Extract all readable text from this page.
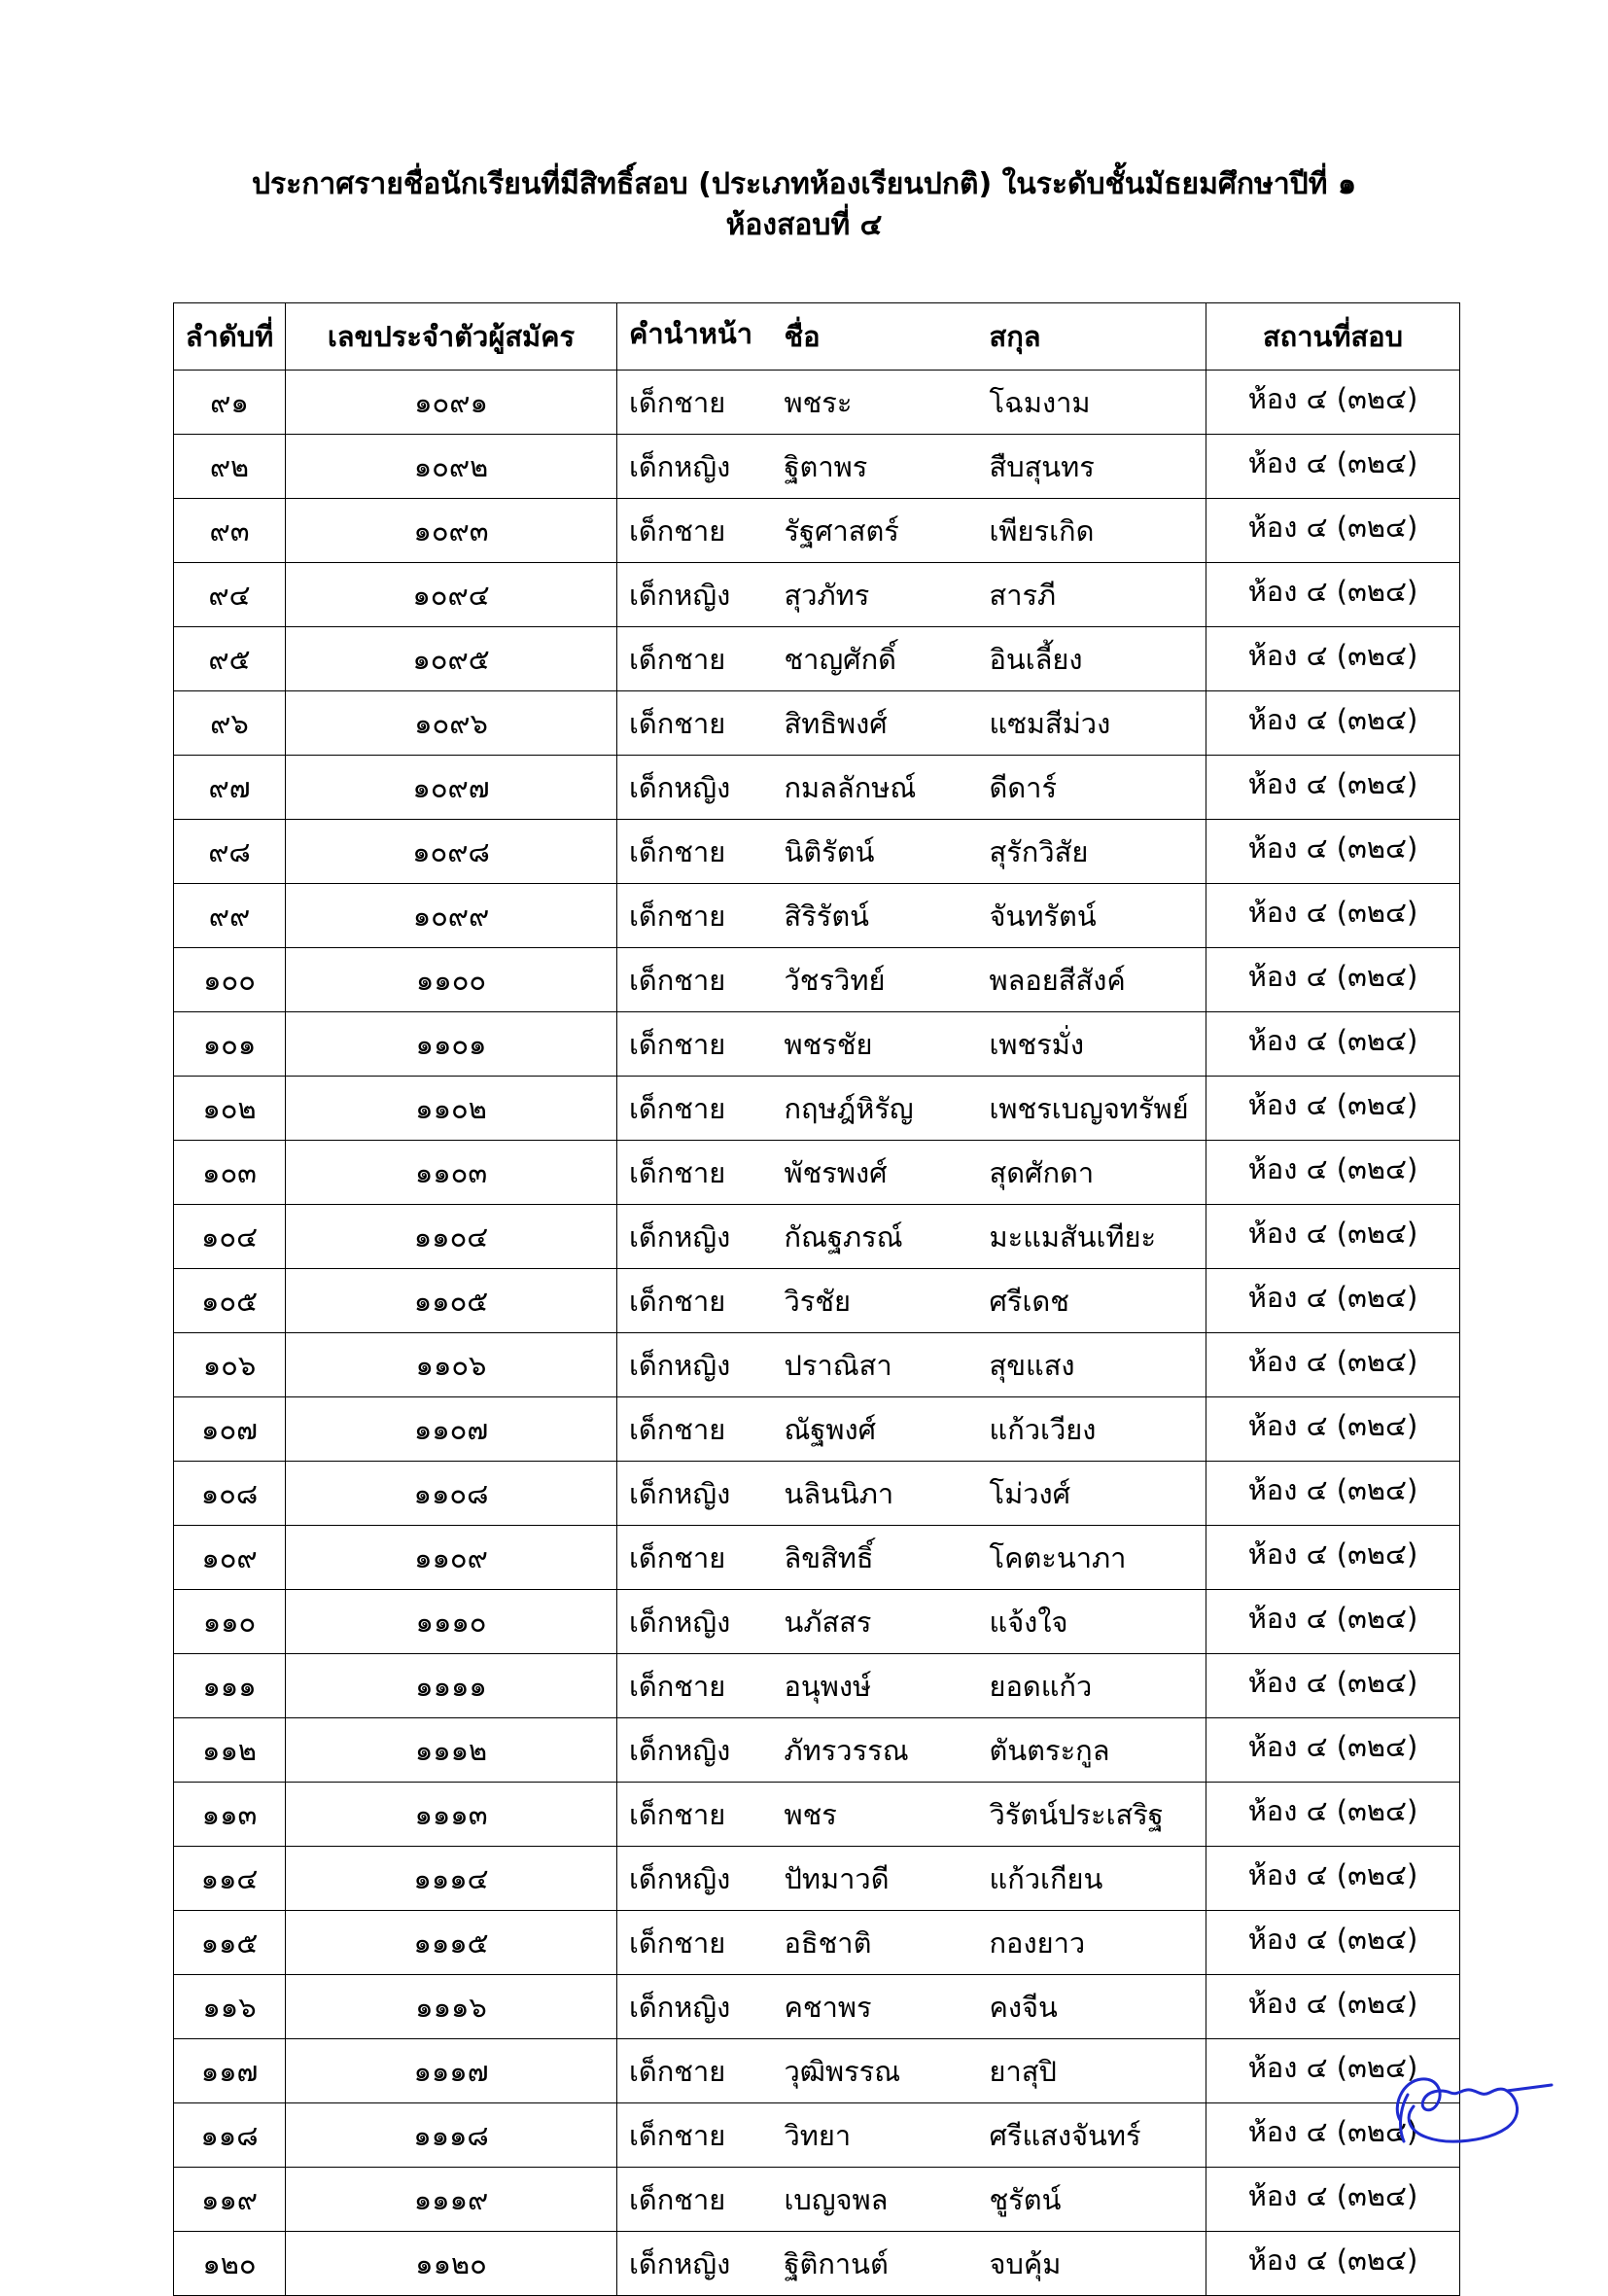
ประกาศรายชื่อนักเรียนที่มีสิทธิ์สอบ (ประเภทห้องเรียนปกติ) ในระดับชั้นมัธยมศึกษาปีที่ ๑
ห้องสอบที่ ๔
ลำดับที่	เลขประจำตัวผู้สมัคร	คำนำหน้า	ชื่อ	สกุล	สถานที่สอบ
๙๑	๑๐๙๑	เด็กชาย	พชระ	โฉมงาม	ห้อง ๔ (๓๒๔)
๙๒	๑๐๙๒	เด็กหญิง	ฐิตาพร	สืบสุนทร	ห้อง ๔ (๓๒๔)
๙๓	๑๐๙๓	เด็กชาย	รัฐศาสตร์	เพียรเกิด	ห้อง ๔ (๓๒๔)
๙๔	๑๐๙๔	เด็กหญิง	สุวภัทร	สารภี	ห้อง ๔ (๓๒๔)
๙๕	๑๐๙๕	เด็กชาย	ชาญศักดิ์	อินเลี้ยง	ห้อง ๔ (๓๒๔)
๙๖	๑๐๙๖	เด็กชาย	สิทธิพงศ์	แซมสีม่วง	ห้อง ๔ (๓๒๔)
๙๗	๑๐๙๗	เด็กหญิง	กมลลักษณ์	ดีดาร์	ห้อง ๔ (๓๒๔)
๙๘	๑๐๙๘	เด็กชาย	นิติรัตน์	สุรักวิสัย	ห้อง ๔ (๓๒๔)
๙๙	๑๐๙๙	เด็กชาย	สิริรัตน์	จันทรัตน์	ห้อง ๔ (๓๒๔)
๑๐๐	๑๑๐๐	เด็กชาย	วัชรวิทย์	พลอยสีสังค์	ห้อง ๔ (๓๒๔)
๑๐๑	๑๑๐๑	เด็กชาย	พชรชัย	เพชรมั่ง	ห้อง ๔ (๓๒๔)
๑๐๒	๑๑๐๒	เด็กชาย	กฤษฎ์หิรัญ	เพชรเบญจทรัพย์	ห้อง ๔ (๓๒๔)
๑๐๓	๑๑๐๓	เด็กชาย	พัชรพงศ์	สุดศักดา	ห้อง ๔ (๓๒๔)
๑๐๔	๑๑๐๔	เด็กหญิง	กัณฐภรณ์	มะแมสันเทียะ	ห้อง ๔ (๓๒๔)
๑๐๕	๑๑๐๕	เด็กชาย	วิรชัย	ศรีเดช	ห้อง ๔ (๓๒๔)
๑๐๖	๑๑๐๖	เด็กหญิง	ปราณิสา	สุขแสง	ห้อง ๔ (๓๒๔)
๑๐๗	๑๑๐๗	เด็กชาย	ณัฐพงศ์	แก้วเวียง	ห้อง ๔ (๓๒๔)
๑๐๘	๑๑๐๘	เด็กหญิง	นลินนิภา	โม่วงศ์	ห้อง ๔ (๓๒๔)
๑๐๙	๑๑๐๙	เด็กชาย	ลิขสิทธิ์	โคตะนาภา	ห้อง ๔ (๓๒๔)
๑๑๐	๑๑๑๐	เด็กหญิง	นภัสสร	แจ้งใจ	ห้อง ๔ (๓๒๔)
๑๑๑	๑๑๑๑	เด็กชาย	อนุพงษ์	ยอดแก้ว	ห้อง ๔ (๓๒๔)
๑๑๒	๑๑๑๒	เด็กหญิง	ภัทรวรรณ	ตันตระกูล	ห้อง ๔ (๓๒๔)
๑๑๓	๑๑๑๓	เด็กชาย	พชร	วิรัตน์ประเสริฐ	ห้อง ๔ (๓๒๔)
๑๑๔	๑๑๑๔	เด็กหญิง	ปัทมาวดี	แก้วเกียน	ห้อง ๔ (๓๒๔)
๑๑๕	๑๑๑๕	เด็กชาย	อธิชาติ	กองยาว	ห้อง ๔ (๓๒๔)
๑๑๖	๑๑๑๖	เด็กหญิง	คชาพร	คงจีน	ห้อง ๔ (๓๒๔)
๑๑๗	๑๑๑๗	เด็กชาย	วุฒิพรรณ	ยาสุปิ	ห้อง ๔ (๓๒๔)
๑๑๘	๑๑๑๘	เด็กชาย	วิทยา	ศรีแสงจันทร์	ห้อง ๔ (๓๒๔)
๑๑๙	๑๑๑๙	เด็กชาย	เบญจพล	ชูรัตน์	ห้อง ๔ (๓๒๔)
๑๒๐	๑๑๒๐	เด็กหญิง	ฐิติกานต์	จบคุ้ม	ห้อง ๔ (๓๒๔)
